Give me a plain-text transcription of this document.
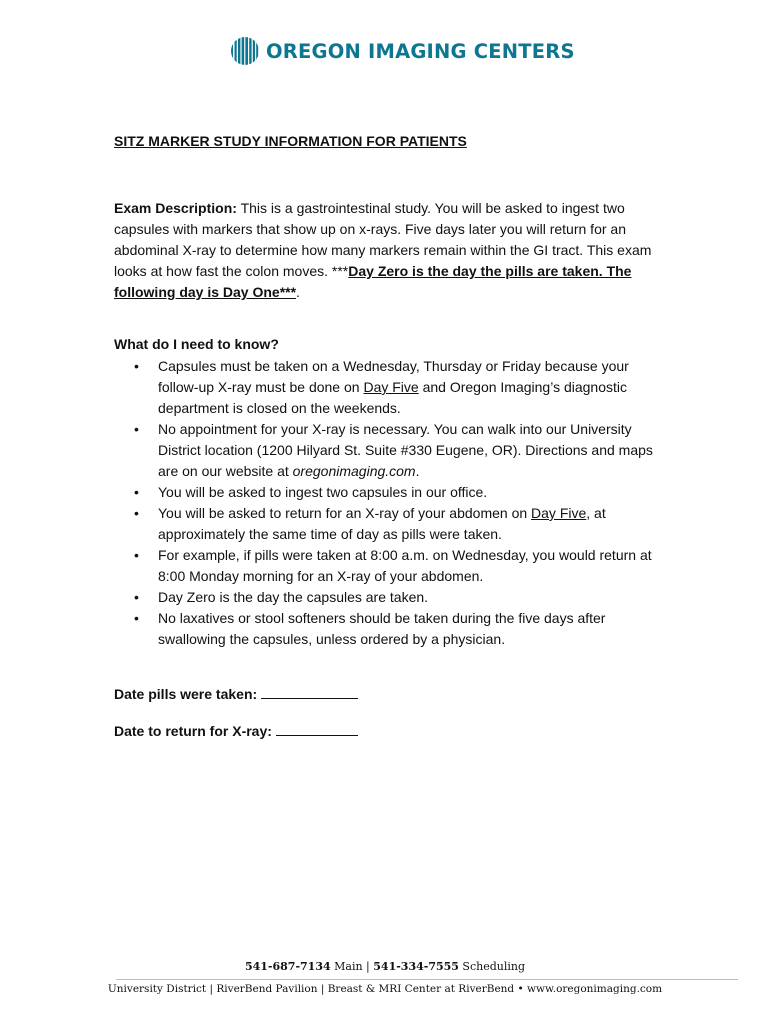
OREGON IMAGING CENTERS
SITZ MARKER STUDY INFORMATION FOR PATIENTS

Exam Description: This is a gastrointestinal study. You will be asked to ingest two capsules with markers that show up on x-rays. Five days later you will return for an abdominal X-ray to determine how many markers remain within the GI tract. This exam looks at how fast the colon moves. ***Day Zero is the day the pills are taken. The following day is Day One***.

What do I need to know?

• Capsules must be taken on a Wednesday, Thursday or Friday because your follow-up X-ray must be done on Day Five and Oregon Imaging’s diagnostic department is closed on the weekends.
• No appointment for your X-ray is necessary. You can walk into our University District location (1200 Hilyard St. Suite #330 Eugene, OR). Directions and maps are on our website at oregonimaging.com.
• You will be asked to ingest two capsules in our office.
• You will be asked to return for an X-ray of your abdomen on Day Five, at approximately the same time of day as pills were taken.
• For example, if pills were taken at 8:00 a.m. on Wednesday, you would return at 8:00 Monday morning for an X-ray of your abdomen.
• Day Zero is the day the capsules are taken.
• No laxatives or stool softeners should be taken during the five days after swallowing the capsules, unless ordered by a physician.

Date pills were taken:

Date to return for X-ray:

541-687-7134 Main | 541-334-7555 Scheduling
University District | RiverBend Pavilion | Breast & MRI Center at RiverBend • www.oregonimaging.com
